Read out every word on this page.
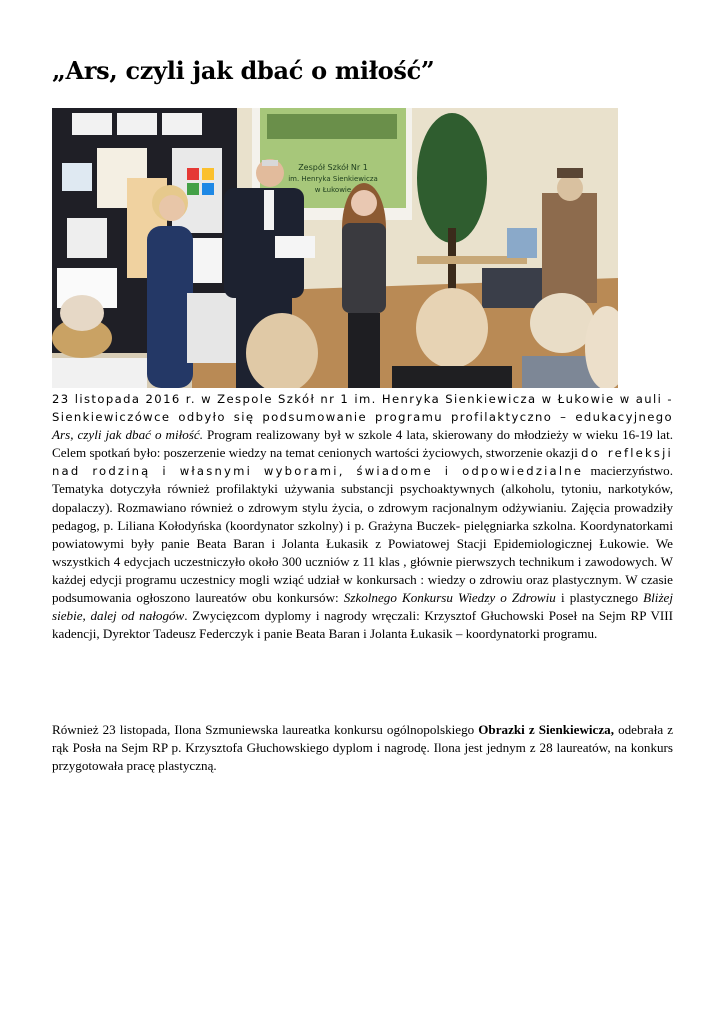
„Ars, czyli jak dbać o miłość”
Zespół Szkół Nr 1
im. Henryka Sienkiewicza
w Łukowie

23 listopada 2016 r. w Zespole Szkół nr 1 im. Henryka Sienkiewicza w Łukowie w auli - Sienkiewiczówce odbyło się podsumowanie programu profilaktyczno – edukacyjnego Ars, czyli jak dbać o miłość. Program realizowany był w szkole 4 lata, skierowany do młodzieży w wieku 16-19 lat. Celem spotkań było: poszerzenie wiedzy na temat cenionych wartości życiowych, stworzenie okazji do refleksji nad rodziną i własnymi wyborami, świadome i odpowiedzialne macierzyństwo. Tematyka dotyczyła również profilaktyki używania substancji psychoaktywnych (alkoholu, tytoniu, narkotyków, dopalaczy). Rozmawiano również o zdrowym stylu życia, o zdrowym racjonalnym odżywianiu. Zajęcia prowadziły pedagog, p. Liliana Kołodyńska (koordynator szkolny) i p. Grażyna Buczek- pielęgniarka szkolna. Koordynatorkami powiatowymi były panie Beata Baran i Jolanta Łukasik z Powiatowej Stacji Epidemiologicznej Łukowie. We wszystkich 4 edycjach uczestniczyło około 300 uczniów z 11 klas , głównie pierwszych technikum i zawodowych. W każdej edycji programu uczestnicy mogli wziąć udział w konkursach : wiedzy o zdrowiu oraz plastycznym. W czasie podsumowania ogłoszono laureatów obu konkursów: Szkolnego Konkursu Wiedzy o Zdrowiu i plastycznego Bliżej siebie, dalej od nałogów. Zwycięzcom dyplomy i nagrody wręczali: Krzysztof Głuchowski Poseł na Sejm RP VIII kadencji, Dyrektor Tadeusz Federczyk i panie Beata Baran i Jolanta Łukasik – koordynatorki programu.

Również 23 listopada, Ilona Szmuniewska laureatka konkursu ogólnopolskiego Obrazki z Sienkiewicza, odebrała z rąk Posła na Sejm RP p. Krzysztofa Głuchowskiego dyplom i nagrodę. Ilona jest jednym z 28 laureatów, na konkurs przygotowała pracę plastyczną.
